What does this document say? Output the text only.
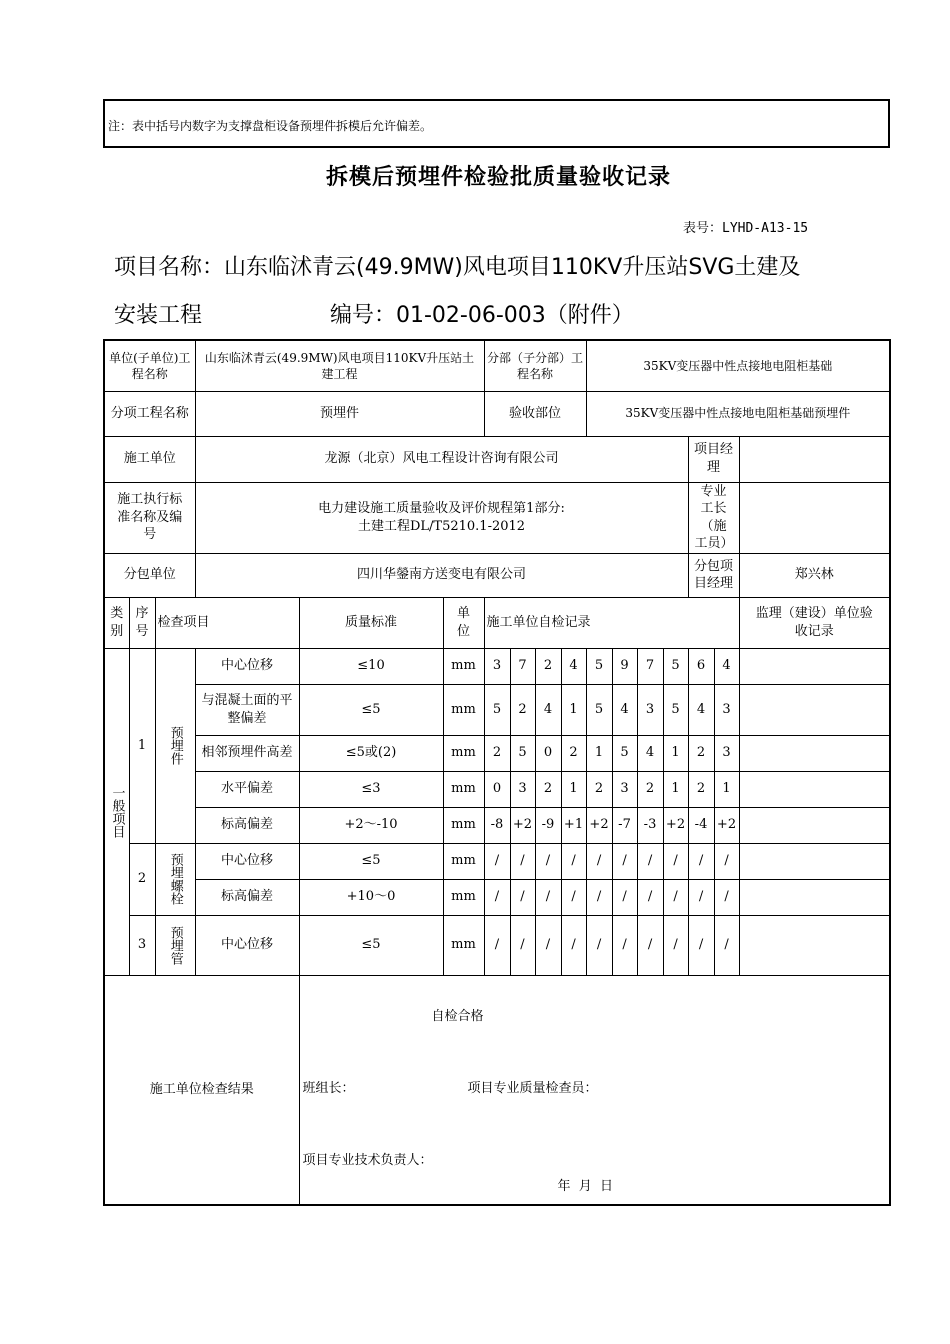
注：表中括号内数字为支撑盘柜设备预埋件拆模后允许偏差。
拆模后预埋件检验批质量验收记录
表号：LYHD-A13-15
项目名称：山东临沭青云(49.9MW)风电项目110KV升压站SVG土建及
安装工程	编号：01-02-06-003（附件）
单位(子单位)工程名称			山东临沭青云(49.9MW)风电项目110KV升压站土建工程			分部（子分部）工程名称				35KV变压器中性点接地电阻柜基础						
分项工程名称			预埋件			验收部位				35KV变压器中性点接地电阻柜基础预埋件						
施工单位			龙源（北京）风电工程设计咨询有限公司											项目经理		
施工执行标准名称及编号			电力建设施工质量验收及评价规程第1部分:
土建工程DL/T5210.1-2012											专业工长（施工员）		
分包单位			四川华鎣南方送变电有限公司											分包项目经理		郑兴林
类别	序号	检查项目		质量标准	单位	施工单位自检记录										监理（建设）单位验收记录

一般项目	1	预埋件	中心位移	≤10	mm	3	7	2	4	5	9	7	5	6	4	
			与混凝土面的平整偏差	≤5	mm	5	2	4	1	5	4	3	5	4	3	
			相邻预埋件高差	≤5或(2)	mm	2	5	0	2	1	5	4	1	2	3	
			水平偏差	≤3	mm	0	3	2	1	2	3	2	1	2	1	
			标高偏差	+2～-10	mm	-8	+2	-9	+1	+2	-7	-3	+2	-4	+2	
	2	预埋螺栓	中心位移	≤5	mm	/	/	/	/	/	/	/	/	/	/	
			标高偏差	+10～0	mm	/	/	/	/	/	/	/	/	/	/	
	3	预埋管	中心位移	≤5	mm	/	/	/	/	/	/	/	/	/	/	

施工单位检查结果				自检合格
班组长： 项目专业质量检查员：
项目专业技术负责人：
年  月  日												
